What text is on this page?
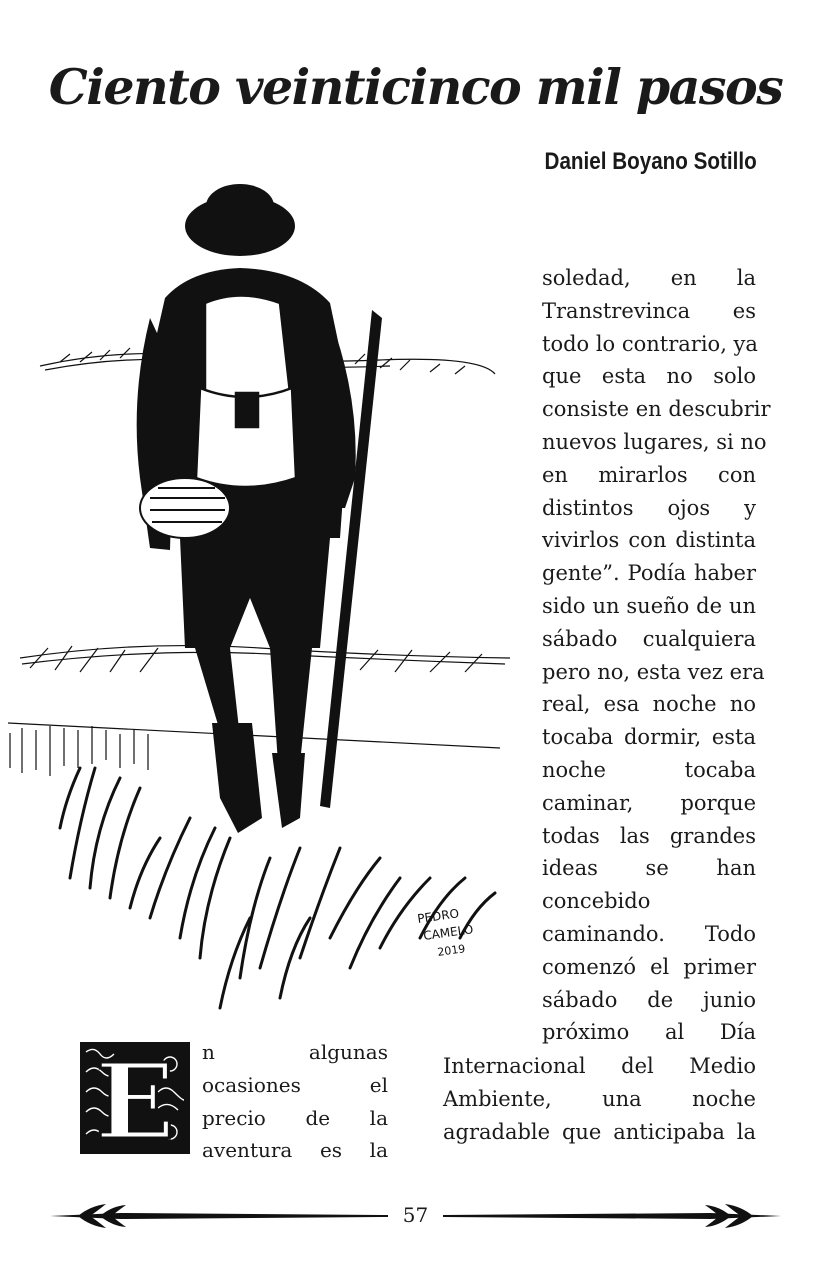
Ciento veinticinco mil pasos
Daniel Boyano Sotillo
PEDRO
CAMELO
2019
soledad, en la
Transtrevinca es
todo lo contrario, ya
que esta no solo
consiste en descubrir
nuevos lugares, si no
en mirarlos con
distintos ojos y
vivirlos con distinta
gente”. Podía haber
sido un sueño de un
sábado cualquiera
pero no, esta vez era
real, esa noche no
tocaba dormir, esta
noche tocaba
caminar, porque
todas las grandes
ideas se han
concebido
caminando. Todo
comenzó el primer
sábado de junio
próximo al Día
E n algunas
ocasiones el
precio de la
aventura es la
Internacional del Medio
Ambiente, una noche
agradable que anticipaba la
57
